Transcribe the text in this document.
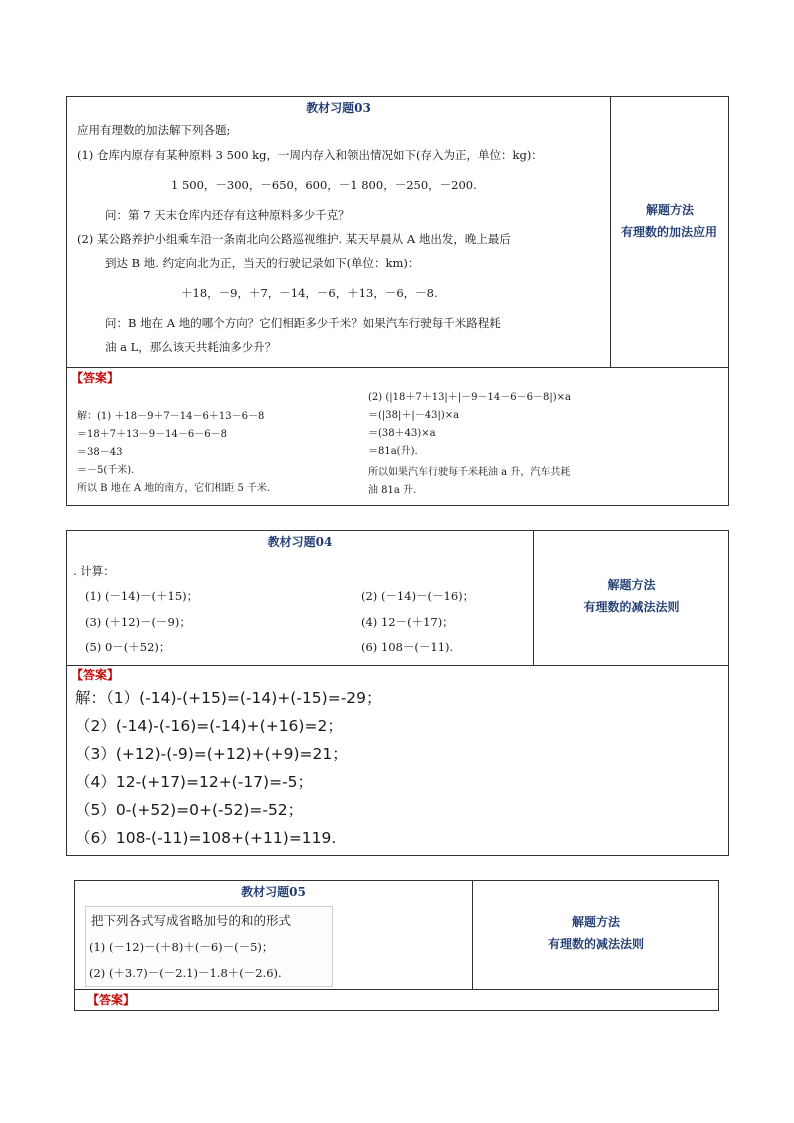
教材习题03
应用有理数的加法解下列各题;
(1) 仓库内原存有某种原料 3 500 kg，一周内存入和领出情况如下(存入为正，单位：kg)：
1 500，－300，－650，600，－1 800，－250，－200.
问：第 7 天末仓库内还存有这种原料多少千克？
(2) 某公路养护小组乘车沿一条南北向公路巡视维护. 某天早晨从 A 地出发，晚上最后
到达 B 地. 约定向北为正，当天的行驶记录如下(单位：km)：
＋18，－9，＋7，－14，－6，＋13，－6，－8.
问：B 地在 A 地的哪个方向？它们相距多少千米？如果汽车行驶每千米路程耗
油 a L，那么该天共耗油多少升？
解题方法
有理数的加法应用
【答案】
解：(1) ＋18－9＋7－14－6＋13－6－8
＝18＋7＋13－9－14－6－6－8
＝38－43
＝－5(千米).
所以 B 地在 A 地的南方，它们相距 5 千米.
(2) (|18＋7＋13|＋|－9－14－6－6－8|)×a
＝(|38|＋|－43|)×a
＝(38＋43)×a
＝81a(升).
所以如果汽车行驶每千米耗油 a 升，汽车共耗
油 81a 升.
教材习题04
. 计算：
(1) (－14)－(＋15)；	(2) (－14)－(－16)；
(3) (＋12)－(－9)；	(4) 12－(＋17)；
(5) 0－(＋52)；	(6) 108－(－11).
解题方法
有理数的减法法则
【答案】
解：（1）(-14)-(+15)=(-14)+(-15)=-29；
（2）(-14)-(-16)=(-14)+(+16)=2；
（3）(+12)-(-9)=(+12)+(+9)=21；
（4）12-(+17)=12+(-17)=-5；
（5）0-(+52)=0+(-52)=-52；
（6）108-(-11)=108+(+11)=119.
教材习题05
把下列各式写成省略加号的和的形式
(1) (－12)－(＋8)＋(－6)－(－5)；
(2) (＋3.7)－(－2.1)－1.8＋(－2.6).
解题方法
有理数的减法法则
【答案】
